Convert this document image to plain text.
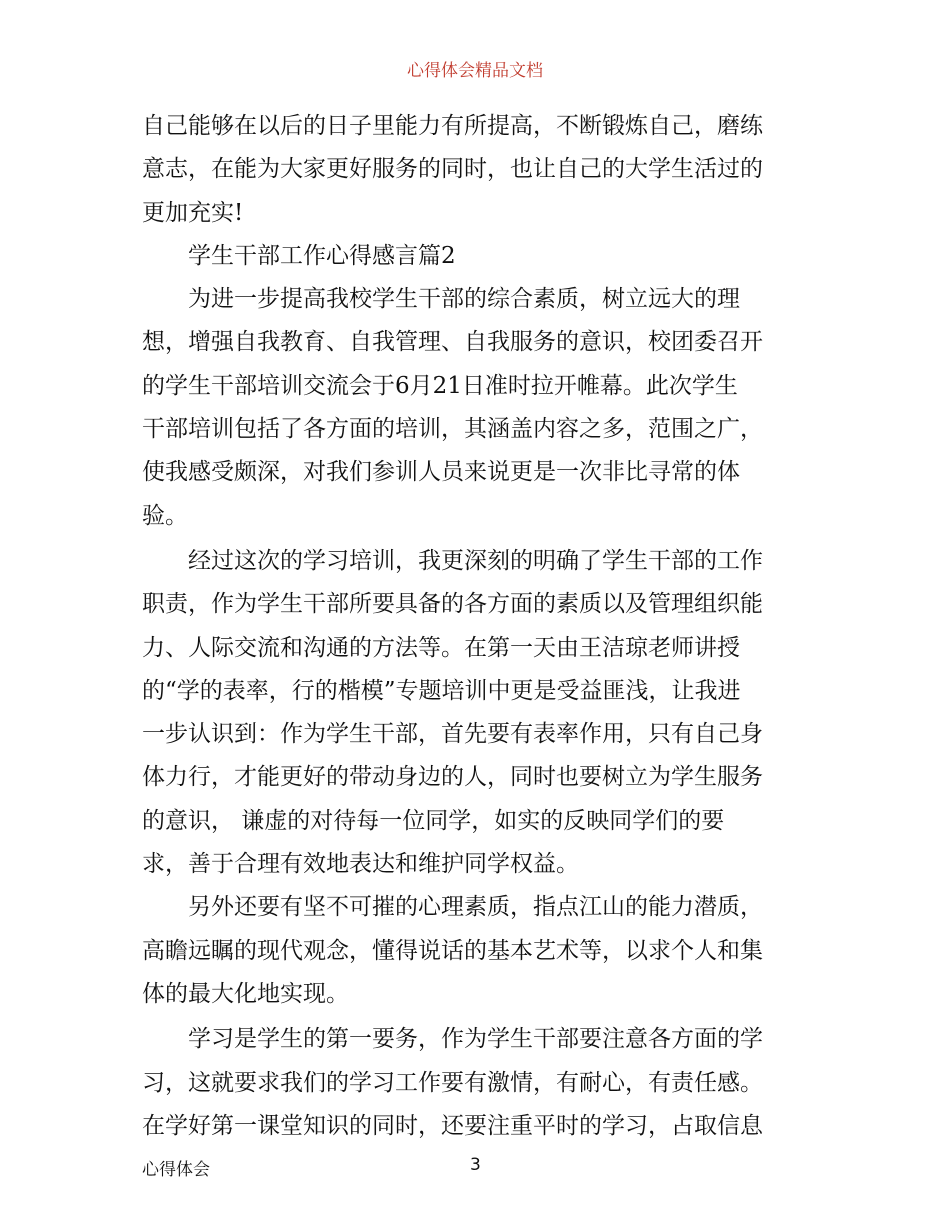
心得体会精品文档
自己能够在以后的日子里能力有所提高，不断锻炼自己，磨练
意志，在能为大家更好服务的同时，也让自己的大学生活过的
更加充实!
学生干部工作心得感言篇2
为进一步提高我校学生干部的综合素质，树立远大的理
想，增强自我教育、自我管理、自我服务的意识，校团委召开
的学生干部培训交流会于6月21日准时拉开帷幕。此次学生
干部培训包括了各方面的培训，其涵盖内容之多，范围之广，
使我感受颇深，对我们参训人员来说更是一次非比寻常的体
验。
经过这次的学习培训，我更深刻的明确了学生干部的工作
职责，作为学生干部所要具备的各方面的素质以及管理组织能
力、人际交流和沟通的方法等。在第一天由王洁琼老师讲授
的“学的表率，行的楷模”专题培训中更是受益匪浅，让我进
一步认识到：作为学生干部，首先要有表率作用，只有自己身
体力行，才能更好的带动身边的人，同时也要树立为学生服务
的意识， 谦虚的对待每一位同学，如实的反映同学们的要
求，善于合理有效地表达和维护同学权益。
另外还要有坚不可摧的心理素质，指点江山的能力潜质，
高瞻远瞩的现代观念，懂得说话的基本艺术等，以求个人和集
体的最大化地实现。
学习是学生的第一要务，作为学生干部要注意各方面的学
习，这就要求我们的学习工作要有激情，有耐心，有责任感。
在学好第一课堂知识的同时，还要注重平时的学习，占取信息
心得体会	3
